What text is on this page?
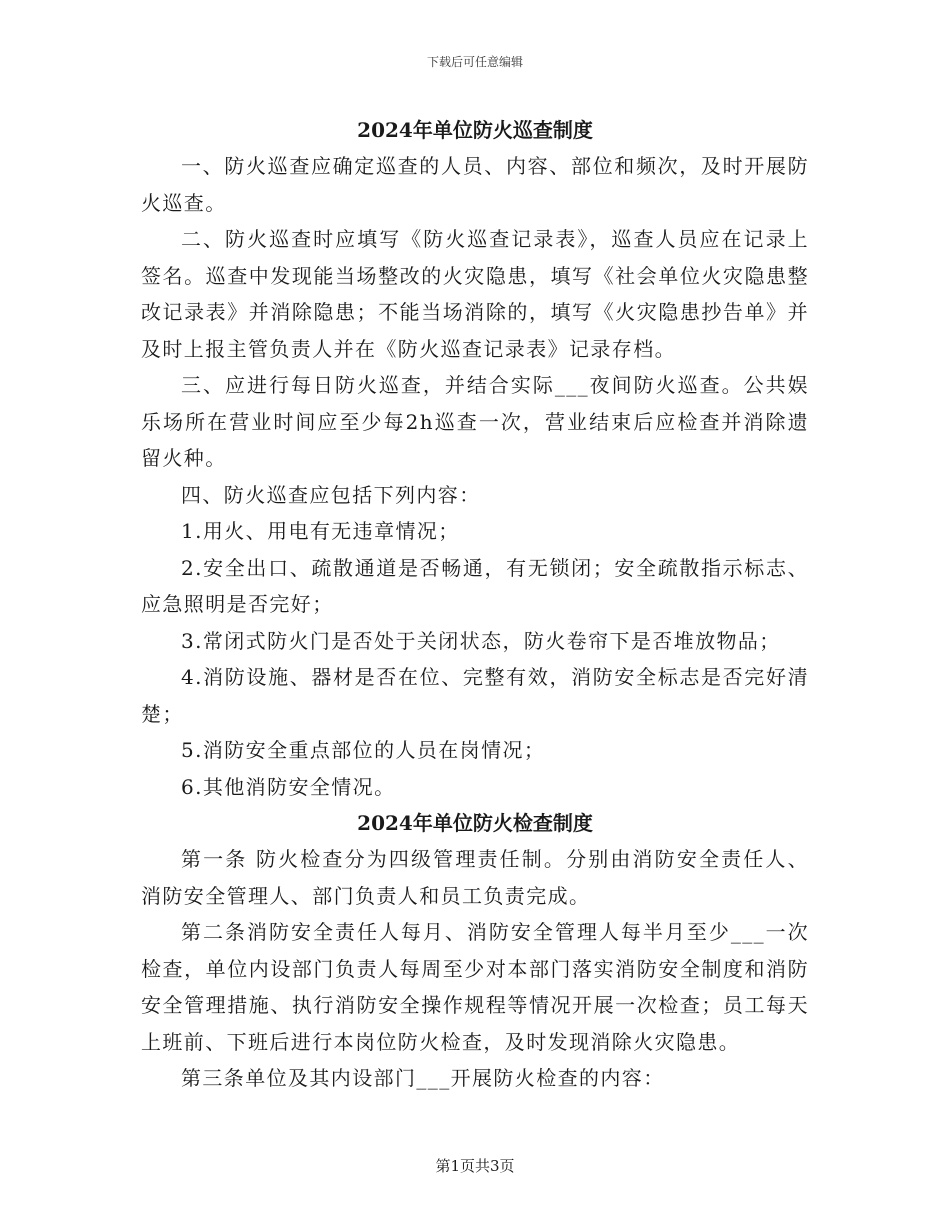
下载后可任意编辑
2024年单位防火巡查制度

一、防火巡查应确定巡查的人员、内容、部位和频次，及时开展防火巡查。

二、防火巡查时应填写《防火巡查记录表》，巡查人员应在记录上签名。巡查中发现能当场整改的火灾隐患，填写《社会单位火灾隐患整改记录表》并消除隐患；不能当场消除的，填写《火灾隐患抄告单》并及时上报主管负责人并在《防火巡查记录表》记录存档。

三、应进行每日防火巡查，并结合实际___夜间防火巡查。公共娱乐场所在营业时间应至少每2h巡查一次，营业结束后应检查并消除遗留火种。

四、防火巡查应包括下列内容：

1.用火、用电有无违章情况；

2.安全出口、疏散通道是否畅通，有无锁闭；安全疏散指示标志、应急照明是否完好；

3.常闭式防火门是否处于关闭状态，防火卷帘下是否堆放物品；

4.消防设施、器材是否在位、完整有效，消防安全标志是否完好清楚；

5.消防安全重点部位的人员在岗情况；

6.其他消防安全情况。

2024年单位防火检查制度

第一条 防火检查分为四级管理责任制。分别由消防安全责任人、消防安全管理人、部门负责人和员工负责完成。

第二条消防安全责任人每月、消防安全管理人每半月至少___一次检查，单位内设部门负责人每周至少对本部门落实消防安全制度和消防安全管理措施、执行消防安全操作规程等情况开展一次检查；员工每天上班前、下班后进行本岗位防火检查，及时发现消除火灾隐患。

第三条单位及其内设部门___开展防火检查的内容：

第1页共3页
